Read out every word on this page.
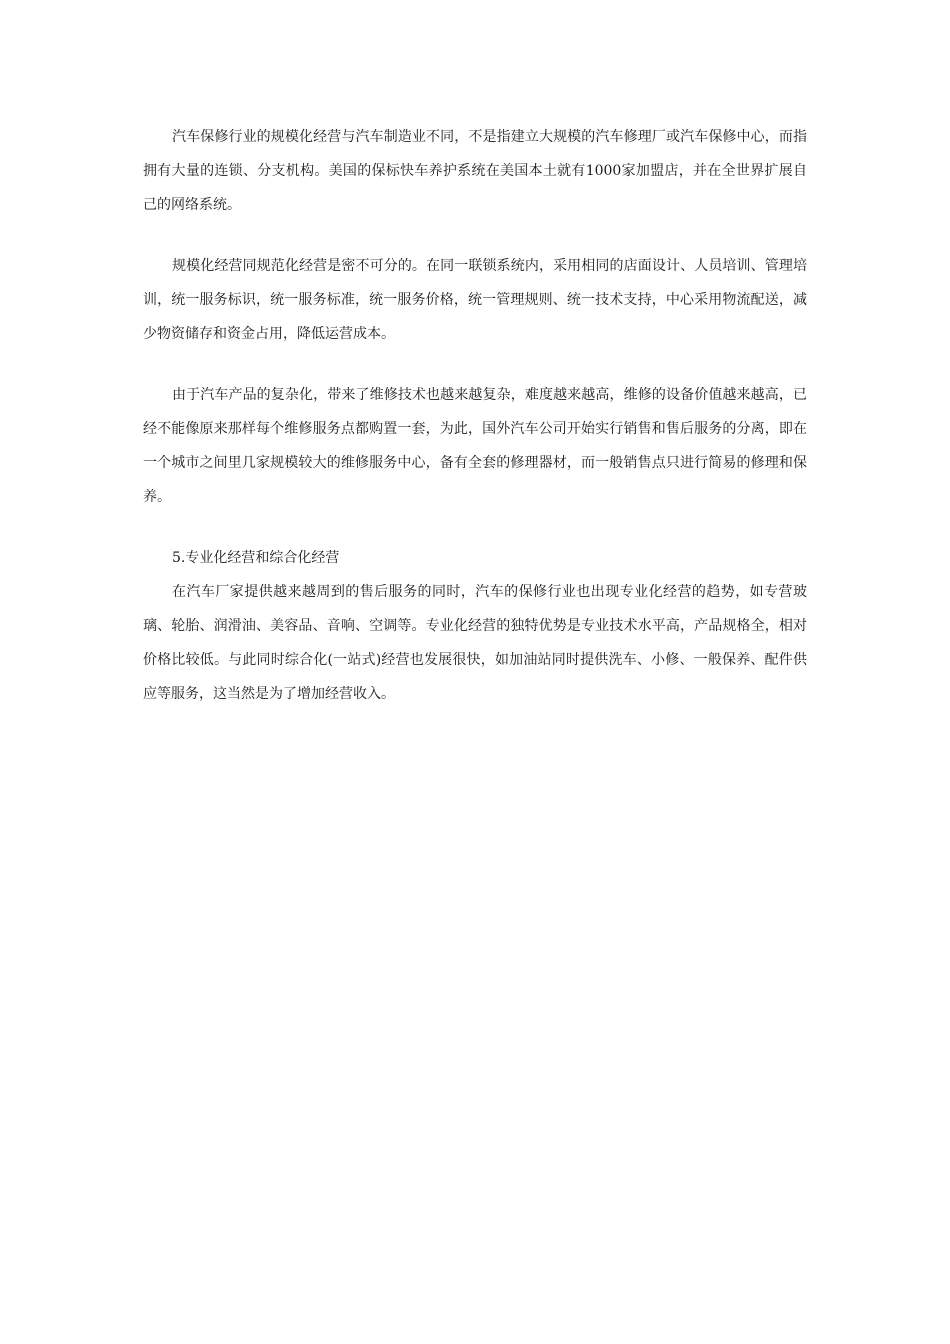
汽车保修行业的规模化经营与汽车制造业不同，不是指建立大规模的汽车修理厂或汽车保修中心，而指拥有大量的连锁、分支机构。美国的保标快车养护系统在美国本土就有1000家加盟店，并在全世界扩展自己的网络系统。

规模化经营同规范化经营是密不可分的。在同一联锁系统内，采用相同的店面设计、人员培训、管理培训，统一服务标识，统一服务标准，统一服务价格，统一管理规则、统一技术支持，中心采用物流配送，减少物资储存和资金占用，降低运营成本。

由于汽车产品的复杂化，带来了维修技术也越来越复杂，难度越来越高，维修的设备价值越来越高，已经不能像原来那样每个维修服务点都购置一套，为此，国外汽车公司开始实行销售和售后服务的分离，即在一个城市之间里几家规模较大的维修服务中心，备有全套的修理器材，而一般销售点只进行简易的修理和保养。

5.专业化经营和综合化经营

在汽车厂家提供越来越周到的售后服务的同时，汽车的保修行业也出现专业化经营的趋势，如专营玻璃、轮胎、润滑油、美容品、音响、空调等。专业化经营的独特优势是专业技术水平高，产品规格全，相对价格比较低。与此同时综合化(一站式)经营也发展很快，如加油站同时提供洗车、小修、一般保养、配件供应等服务，这当然是为了增加经营收入。
